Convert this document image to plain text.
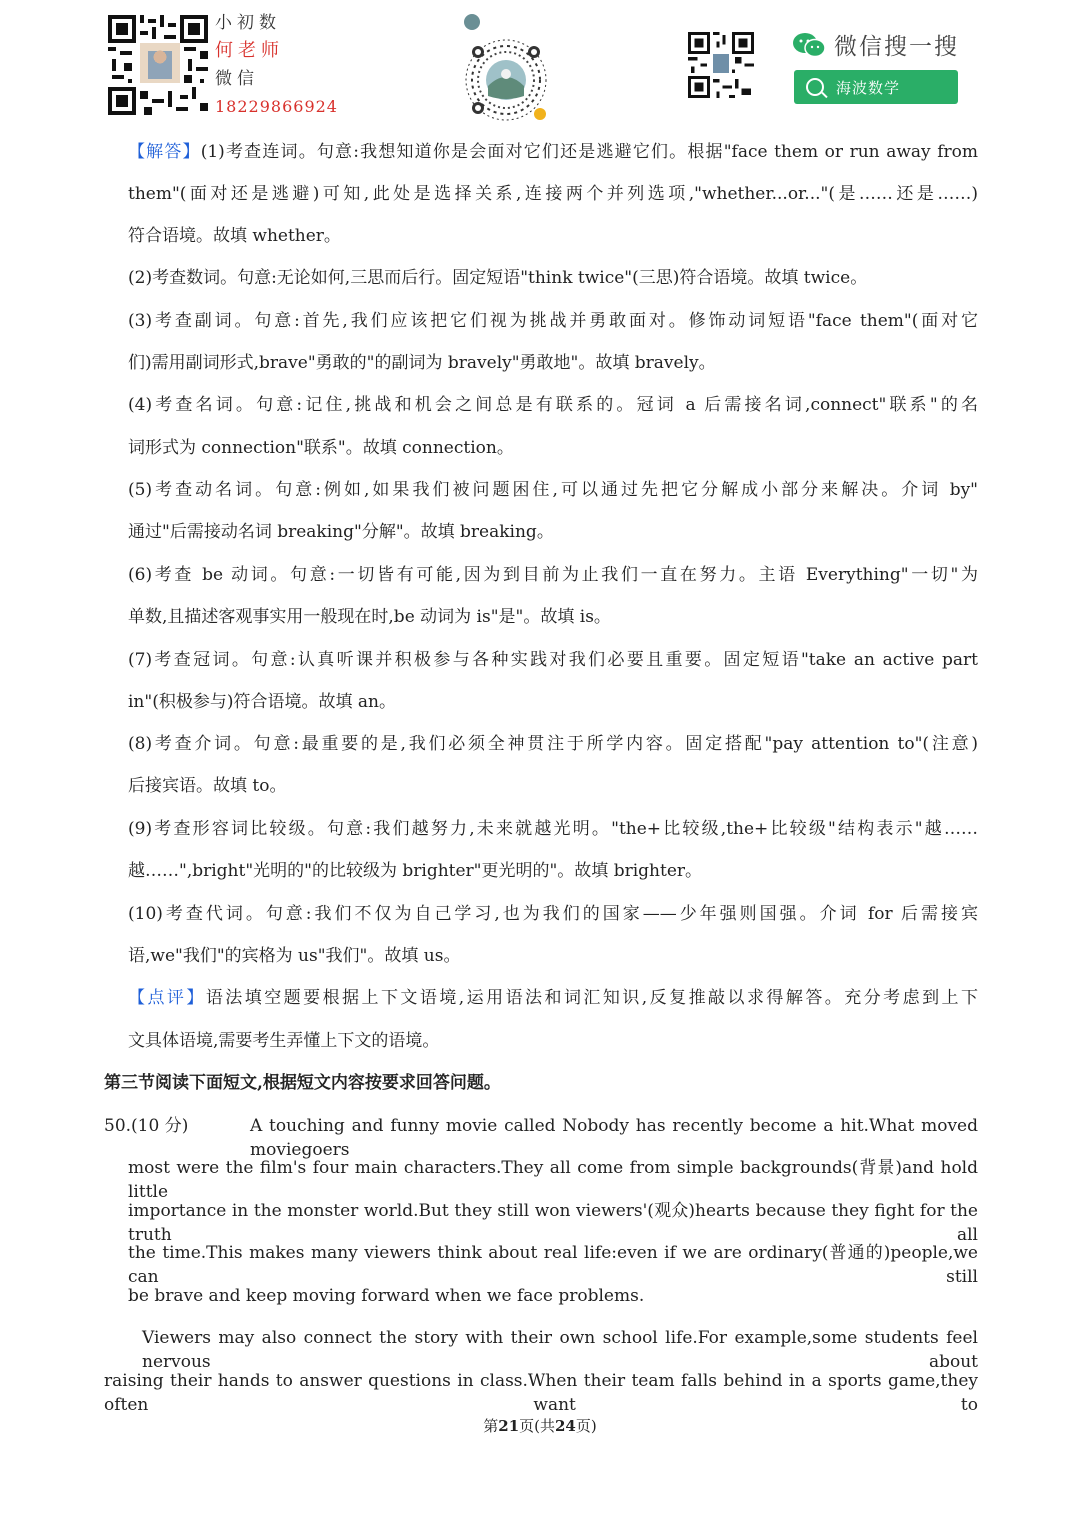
小初数
何老师
微信
18229866924
微信搜一搜
海波数学
【解答】(1)考查连词。句意:我想知道你是会面对它们还是逃避它们。根据"face them or run away from
them"(面对还是逃避)可知,此处是选择关系,连接两个并列选项,"whether...or..."(是……还是……)
符合语境。故填 whether。
(2)考查数词。句意:无论如何,三思而后行。固定短语"think twice"(三思)符合语境。故填 twice。
(3)考查副词。句意:首先,我们应该把它们视为挑战并勇敢面对。修饰动词短语"face them"(面对它
们)需用副词形式,brave"勇敢的"的副词为 bravely"勇敢地"。故填 bravely。
(4)考查名词。句意:记住,挑战和机会之间总是有联系的。冠词 a 后需接名词,connect"联系"的名
词形式为 connection"联系"。故填 connection。
(5)考查动名词。句意:例如,如果我们被问题困住,可以通过先把它分解成小部分来解决。介词 by"
通过"后需接动名词 breaking"分解"。故填 breaking。
(6)考查 be 动词。句意:一切皆有可能,因为到目前为止我们一直在努力。主语 Everything"一切"为
单数,且描述客观事实用一般现在时,be 动词为 is"是"。故填 is。
(7)考查冠词。句意:认真听课并积极参与各种实践对我们必要且重要。固定短语"take an active part
in"(积极参与)符合语境。故填 an。
(8)考查介词。句意:最重要的是,我们必须全神贯注于所学内容。固定搭配"pay attention to"(注意)
后接宾语。故填 to。
(9)考查形容词比较级。句意:我们越努力,未来就越光明。"the+比较级,the+比较级"结构表示"越……
越……",bright"光明的"的比较级为 brighter"更光明的"。故填 brighter。
(10)考查代词。句意:我们不仅为自己学习,也为我们的国家——少年强则国强。介词 for 后需接宾
语,we"我们"的宾格为 us"我们"。故填 us。
【点评】语法填空题要根据上下文语境,运用语法和词汇知识,反复推敲以求得解答。充分考虑到上下
文具体语境,需要考生弄懂上下文的语境。
第三节阅读下面短文,根据短文内容按要求回答问题。
50.(10 分)	A touching and funny movie called Nobody has recently become a hit.What moved moviegoers
most were the film's four main characters.They all come from simple backgrounds(背景)and hold little
importance in the monster world.But they still won viewers'(观众)hearts because they fight for the truth all
the time.This makes many viewers think about real life:even if we are ordinary(普通的)people,we can still
be brave and keep moving forward when we face problems.
Viewers may also connect the story with their own school life.For example,some students feel nervous about
raising their hands to answer questions in class.When their team falls behind in a sports game,they often want to
第21页(共24页)
